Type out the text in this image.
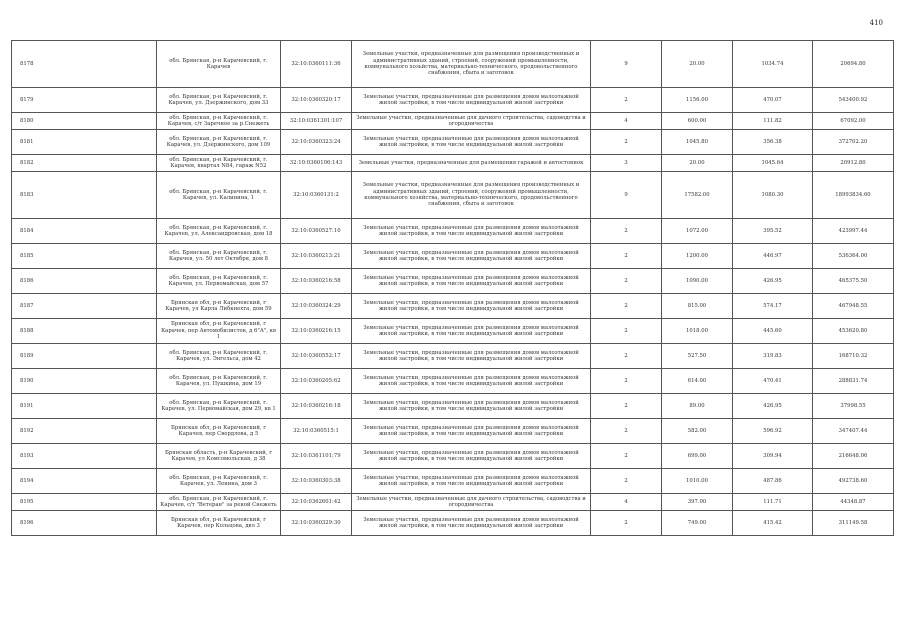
410
8178	обл. Брянская, р-н Карачевский, г. Карачев	32:10:0360111:36	Земельные участки, предназначенные для размещения производственных и административных зданий, строений, сооружений промышленности, коммунального хозьйства, материально-технического, продовольственного снабжения, сбыта и заготовок	9	20.00	1034.74	20694.80
8179	обл. Брянская, р-н Карачевский, г. Карачев, ул. Дзержинского, дом 33	32:10:0360320:17	Земельные участки, предназначенные для размещения домов малоэтажной жилой застройки, в том числе индивидуальной жилой застройки	2	1156.00	470.07	543400.92
8180	обл. Брянская, р-н Карачевский, г. Карачев, с/т Заречное за р.Снежеть	32:10:0361301:107	Земельные участки, предназначенные для дачного строительства, садоводства и огородничества	4	600.00	111.82	67092.00
8181	обл. Брянская, р-н Карачевский, г. Карачев, ул. Дзержинского, дом 109	32:10:0360323:24	Земельные участки, предназначенные для размещения домов малоэтажной жилой застройки, в том числе индивидуальной жилой застройки	2	1045.80	356.38	372702.20
8182	обл. Брянская, р-н Карачевский, г. Карачев, квартал N84, гараж N52	32:10:0360106:143	Земельные участки, предназначенные для размещения гаражей и автостоянок	3	20.00	1045.64	20912.80
8183	обл. Брянская, р-н Карачевский, г. Карачев, ул. Калинина, 1	32:10:0360131:2	Земельные участки, предназначенные для размещения производственных и административных зданий, строений, сооружений промышленности, коммунального хозяйства, материально-технического, продовольственного снабжения, сбыта и заготовок	9	17582.00	1080.30	18993834.60
8184	обл. Брянская, р-н Карачевский, г. Карачев, ул. Александровская, дом 18	32:10:0360527:10	Земельные участки, предназначенные для размещения домов малоэтажной жилой застройки, в том числе индивидуальной жилой застройки	2	1072.00	395.52	423997.44
8185	обл. Брянская, р-н Карачевский, г. Карачев, ул. 50 лет Октября, дом 8	32:10:0360213:21	Земельные участки, предназначенные для размещения домов малоэтажной жилой застройки, в том числе индивидуальной жилой застройки	2	1200.00	446.97	536364.00
8186	обл. Брянская, р-н Карачевский, г. Карачев, ул. Первомайская, дом 57	32:10:0360216:58	Земельные участки, предназначенные для размещения домов малоэтажной жилой застройки, в том числе индивидуальной жилой застройки	2	1090.00	426.95	465375.50
8187	Брянская обл, р-н Карачевский, г Карачев, ул Карла Либкнехта, дом 59	32:10:0360324:29	Земельные участки, предназначенные для размещения домов малоэтажной жилой застройки, в том числе индивидуальной жилой застройки	2	815.00	574.17	467948.55
8188	Брянская обл, р-н Карачевский, г Карачев, пер Автомобилистов, д 6"А", кв 1	32:10:0360216:15	Земельные участки, предназначенные для размещения домов малоэтажной жилой застройки, в том числе индивидуальной жилой застройки	2	1018.00	445.60	453620.80
8189	обл. Брянская, р-н Карачевский, г. Карачев, ул. Энгельса, дом 42	32:10:0360552:17	Земельные участки, предназначенные для размещения домов малоэтажной жилой застройки, в том числе индивидуальной жилой застройки	2	527.50	319.83	168710.32
8190	обл. Брянская, р-н Карачевский, г. Карачев, ул. Пушкина, дом 19	32:10:0360205:62	Земельные участки, предназначенные для размещения домов малоэтажной жилой застройки, в том числе индивидуальной жилой застройки	2	614.00	470.41	288831.74
8191	обл. Брянская, р-н Карачевский, г. Карачев, ул. Первомайская, дом 29, кв 1	32:10:0360216:18	Земельные участки, предназначенные для размещения домов малоэтажной жилой застройки, в том числе индивидуальной жилой застройки	2	89.00	426.95	37998.55
8192	Брянская обл, р-н Карачевский, г Карачев, пер Свердлова, д 5	32:10:0360515:1	Земельные участки, предназначенные для размещения домов малоэтажной жилой застройки, в том числе индивидуальной жилой застройки	2	582.00	596.92	347407.44
8193	Брянская область, р-н Карачевский, г Карачев, ул Комсомольская, д 38	32:10:0361101:79	Земельные участки, предназначенные для размещения домов малоэтажной жилой застройки, в том числе индивидуальной жилой застройки	2	699.00	309.94	216648.06
8194	обл. Брянская, р-н Карачевский, г. Карачев, ул. Ленина, дом 3	32:10:0360303:38	Земельные участки, предназначенные для размещения домов малоэтажной жилой застройки, в том числе индивидуальной жилой застройки	2	1010.00	487.86	492738.60
8195	обл. Брянская, р-н Карачевский, г. Карачев, с/т "Ветеран" за рекой Снежеть	32:10:0362601:42	Земельные участки, предназначенные для дачного строительства, садоводства и огородничества	4	397.00	111.71	44348.87
8196	Брянская обл, р-н Карачевский, г Карачев, пер Кольцова, двл 3	32:10:0360329:30	Земельные участки, предназначенные для размещения домов малоэтажной жилой застройки, в том числе индивидуальной жилой застройки	2	749.00	415.42	311149.58
